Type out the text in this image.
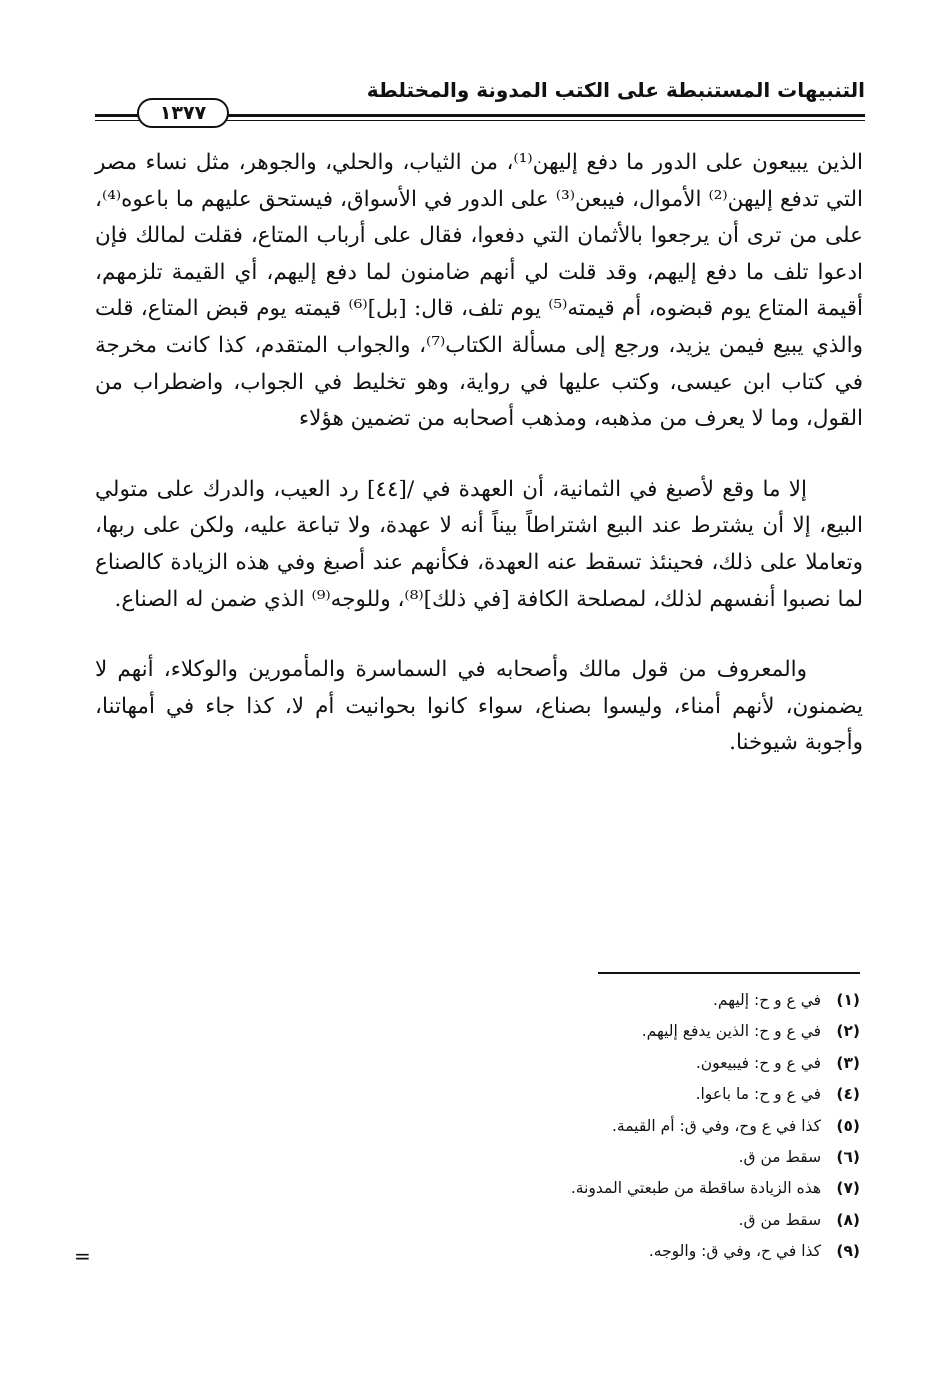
التنبيهات المستنبطة على الكتب المدونة والمختلطة
١٣٧٧

الذين يبيعون على الدور ما دفع إليهن⁽¹⁾، من الثياب، والحلي، والجوهر، مثل نساء مصر التي تدفع إليهن⁽²⁾ الأموال، فيبعن⁽³⁾ على الدور في الأسواق، فيستحق عليهم ما باعوه⁽⁴⁾، على من ترى أن يرجعوا بالأثمان التي دفعوا، فقال على أرباب المتاع، فقلت لمالك فإن ادعوا تلف ما دفع إليهم، وقد قلت لي أنهم ضامنون لما دفع إليهم، أي القيمة تلزمهم، أقيمة المتاع يوم قبضوه، أم قيمته⁽⁵⁾ يوم تلف، قال: [بل]⁽⁶⁾ قيمته يوم قبض المتاع، قلت والذي يبيع فيمن يزيد، ورجع إلى مسألة الكتاب⁽⁷⁾، والجواب المتقدم، كذا كانت مخرجة في كتاب ابن عيسى، وكتب عليها في رواية، وهو تخليط في الجواب، واضطراب من القول، وما لا يعرف من مذهبه، ومذهب أصحابه من تضمين هؤلاء

إلا ما وقع لأصبغ في الثمانية، أن العهدة في /[٤٤] رد العيب، والدرك على متولي البيع، إلا أن يشترط عند البيع اشتراطاً بيناً أنه لا عهدة، ولا تباعة عليه، ولكن على ربها، وتعاملا على ذلك، فحينئذ تسقط عنه العهدة، فكأنهم عند أصبغ وفي هذه الزيادة كالصناع لما نصبوا أنفسهم لذلك، لمصلحة الكافة [في ذلك]⁽⁸⁾، وللوجه⁽⁹⁾ الذي ضمن له الصناع.

والمعروف من قول مالك وأصحابه في السماسرة والمأمورين والوكلاء، أنهم لا يضمنون، لأنهم أمناء، وليسوا بصناع، سواء كانوا بحوانيت أم لا، كذا جاء في أمهاتنا، وأجوبة شيوخنا.

(١) في ع و ح: إليهم.
(٢) في ع و ح: الذين يدفع إليهم.
(٣) في ع و ح: فيبيعون.
(٤) في ع و ح: ما باعوا.
(٥) كذا في ع وح، وفي ق: أم القيمة.
(٦) سقط من ق.
(٧) هذه الزيادة ساقطة من طبعتي المدونة.
(٨) سقط من ق.
(٩) كذا في ح، وفي ق: والوجه.
=
